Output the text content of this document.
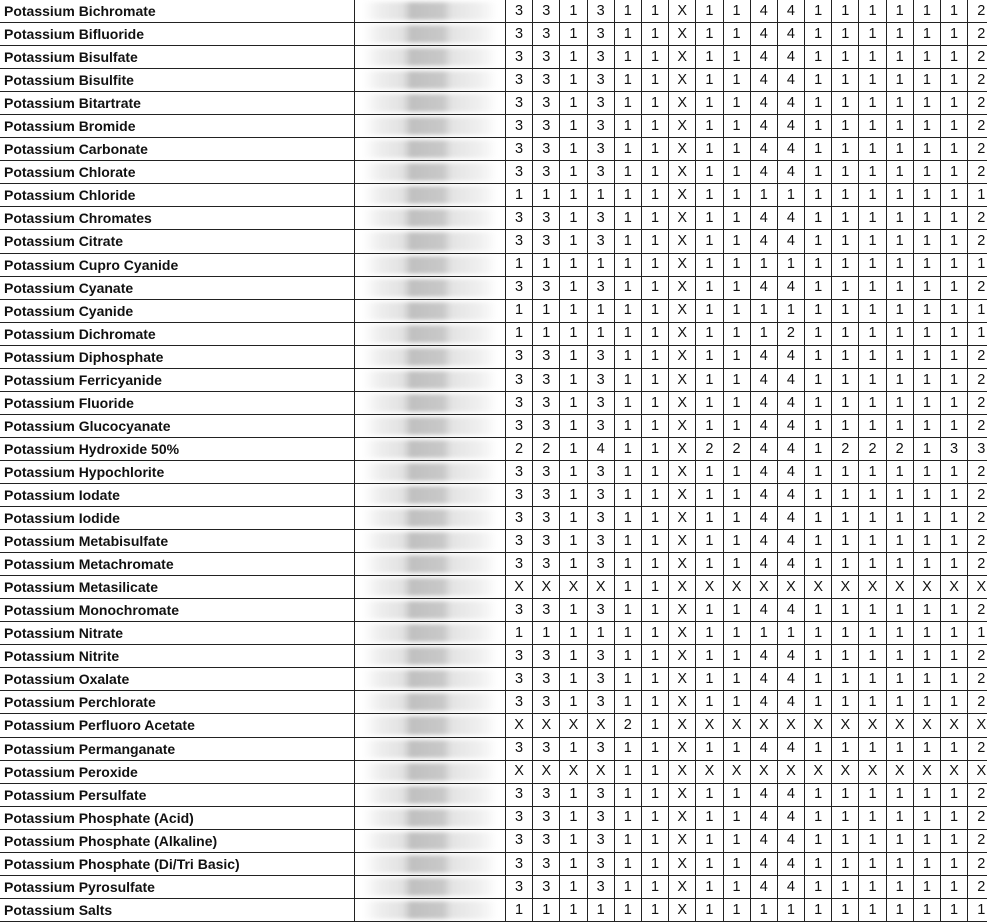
Potassium Bichromate		3	3	1	3	1	1	X	1	1	4	4	1	1	1	1	1	1	2
Potassium Bifluoride		3	3	1	3	1	1	X	1	1	4	4	1	1	1	1	1	1	2
Potassium Bisulfate		3	3	1	3	1	1	X	1	1	4	4	1	1	1	1	1	1	2
Potassium Bisulfite		3	3	1	3	1	1	X	1	1	4	4	1	1	1	1	1	1	2
Potassium Bitartrate		3	3	1	3	1	1	X	1	1	4	4	1	1	1	1	1	1	2
Potassium Bromide		3	3	1	3	1	1	X	1	1	4	4	1	1	1	1	1	1	2
Potassium Carbonate		3	3	1	3	1	1	X	1	1	4	4	1	1	1	1	1	1	2
Potassium Chlorate		3	3	1	3	1	1	X	1	1	4	4	1	1	1	1	1	1	2
Potassium Chloride		1	1	1	1	1	1	X	1	1	1	1	1	1	1	1	1	1	1
Potassium Chromates		3	3	1	3	1	1	X	1	1	4	4	1	1	1	1	1	1	2
Potassium Citrate		3	3	1	3	1	1	X	1	1	4	4	1	1	1	1	1	1	2
Potassium Cupro Cyanide		1	1	1	1	1	1	X	1	1	1	1	1	1	1	1	1	1	1
Potassium Cyanate		3	3	1	3	1	1	X	1	1	4	4	1	1	1	1	1	1	2
Potassium Cyanide		1	1	1	1	1	1	X	1	1	1	1	1	1	1	1	1	1	1
Potassium Dichromate		1	1	1	1	1	1	X	1	1	1	2	1	1	1	1	1	1	1
Potassium Diphosphate		3	3	1	3	1	1	X	1	1	4	4	1	1	1	1	1	1	2
Potassium Ferricyanide		3	3	1	3	1	1	X	1	1	4	4	1	1	1	1	1	1	2
Potassium Fluoride		3	3	1	3	1	1	X	1	1	4	4	1	1	1	1	1	1	2
Potassium Glucocyanate		3	3	1	3	1	1	X	1	1	4	4	1	1	1	1	1	1	2
Potassium Hydroxide 50%		2	2	1	4	1	1	X	2	2	4	4	1	2	2	2	1	3	3
Potassium Hypochlorite		3	3	1	3	1	1	X	1	1	4	4	1	1	1	1	1	1	2
Potassium Iodate		3	3	1	3	1	1	X	1	1	4	4	1	1	1	1	1	1	2
Potassium Iodide		3	3	1	3	1	1	X	1	1	4	4	1	1	1	1	1	1	2
Potassium Metabisulfate		3	3	1	3	1	1	X	1	1	4	4	1	1	1	1	1	1	2
Potassium Metachromate		3	3	1	3	1	1	X	1	1	4	4	1	1	1	1	1	1	2
Potassium Metasilicate		X	X	X	X	1	1	X	X	X	X	X	X	X	X	X	X	X	X
Potassium Monochromate		3	3	1	3	1	1	X	1	1	4	4	1	1	1	1	1	1	2
Potassium Nitrate		1	1	1	1	1	1	X	1	1	1	1	1	1	1	1	1	1	1
Potassium Nitrite		3	3	1	3	1	1	X	1	1	4	4	1	1	1	1	1	1	2
Potassium Oxalate		3	3	1	3	1	1	X	1	1	4	4	1	1	1	1	1	1	2
Potassium Perchlorate		3	3	1	3	1	1	X	1	1	4	4	1	1	1	1	1	1	2
Potassium Perfluoro Acetate		X	X	X	X	2	1	X	X	X	X	X	X	X	X	X	X	X	X
Potassium Permanganate		3	3	1	3	1	1	X	1	1	4	4	1	1	1	1	1	1	2
Potassium Peroxide		X	X	X	X	1	1	X	X	X	X	X	X	X	X	X	X	X	X
Potassium Persulfate		3	3	1	3	1	1	X	1	1	4	4	1	1	1	1	1	1	2
Potassium Phosphate (Acid)		3	3	1	3	1	1	X	1	1	4	4	1	1	1	1	1	1	2
Potassium Phosphate (Alkaline)		3	3	1	3	1	1	X	1	1	4	4	1	1	1	1	1	1	2
Potassium Phosphate (Di/Tri Basic)		3	3	1	3	1	1	X	1	1	4	4	1	1	1	1	1	1	2
Potassium Pyrosulfate		3	3	1	3	1	1	X	1	1	4	4	1	1	1	1	1	1	2
Potassium Salts		1	1	1	1	1	1	X	1	1	1	1	1	1	1	1	1	1	1
